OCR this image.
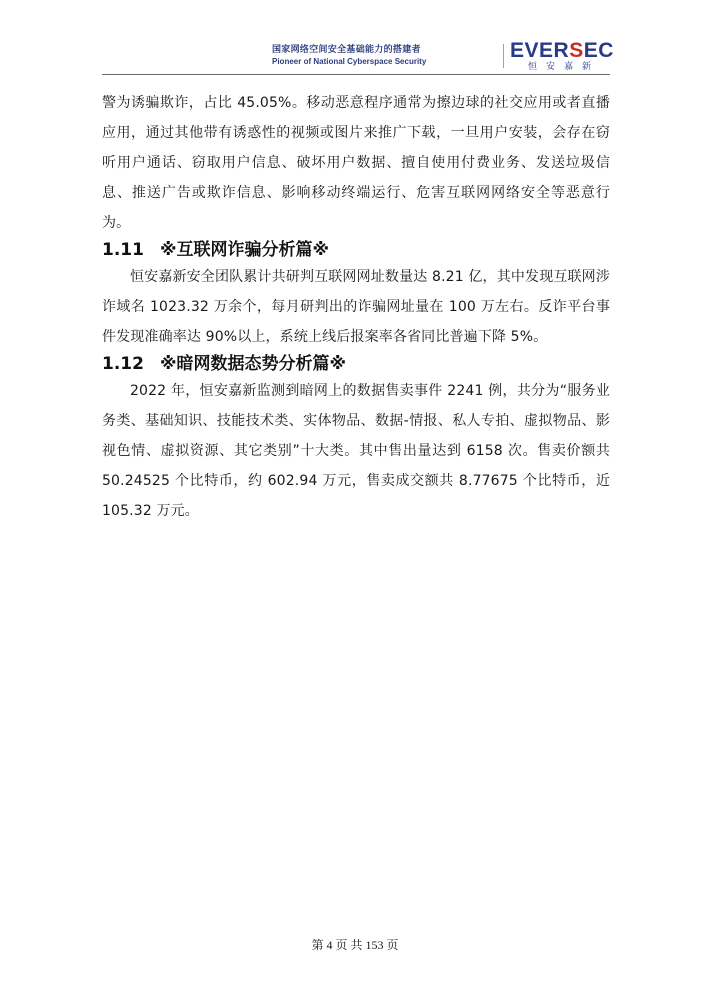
国家网络空间安全基础能力的搭建者
Pioneer of National Cyberspace Security	EVERSEC
恒安嘉新

警为诱骗欺诈，占比 45.05%。移动恶意程序通常为擦边球的社交应用或者直播应用，通过其他带有诱惑性的视频或图片来推广下载，一旦用户安装，会存在窃听用户通话、窃取用户信息、破坏用户数据、擅自使用付费业务、发送垃圾信息、推送广告或欺诈信息、影响移动终端运行、危害互联网网络安全等恶意行为。

1.11 ※互联网诈骗分析篇※

恒安嘉新安全团队累计共研判互联网网址数量达 8.21 亿，其中发现互联网涉诈域名 1023.32 万余个，每月研判出的诈骗网址量在 100 万左右。反诈平台事件发现准确率达 90%以上，系统上线后报案率各省同比普遍下降 5%。

1.12 ※暗网数据态势分析篇※

2022 年，恒安嘉新监测到暗网上的数据售卖事件 2241 例，共分为“服务业务类、基础知识、技能技术类、实体物品、数据-情报、私人专拍、虚拟物品、影视色情、虚拟资源、其它类别”十大类。其中售出量达到 6158 次。售卖价额共 50.24525 个比特币，约 602.94 万元，售卖成交额共 8.77675 个比特币，近 105.32 万元。

第 4 页 共 153 页
